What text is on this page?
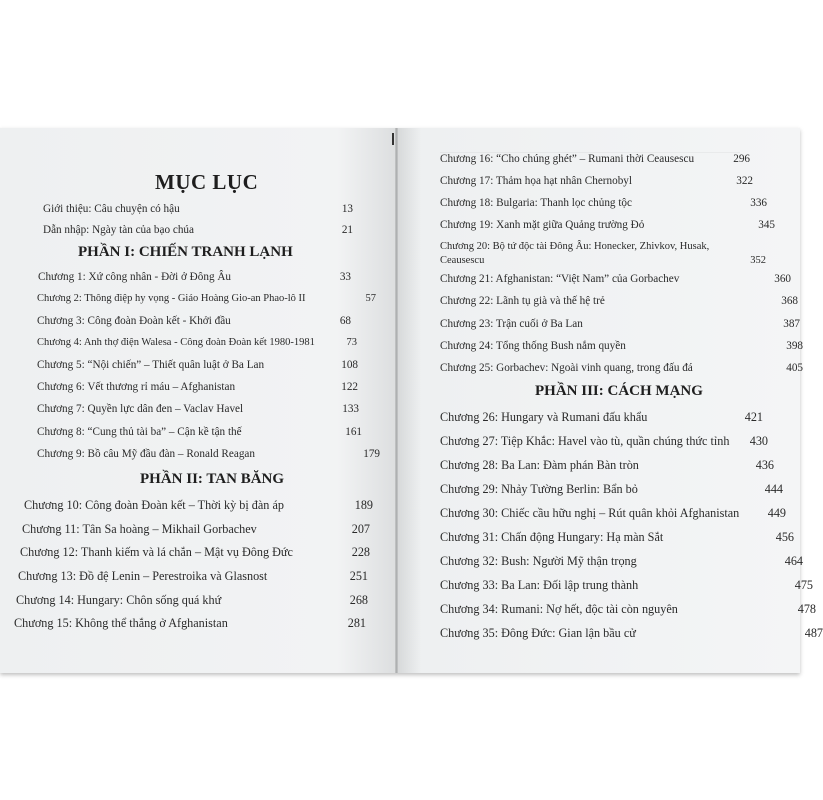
MỤC LỤC
Giới thiệu: Câu chuyện có hậu	13
Dẫn nhập: Ngày tàn của bạo chúa	21
PHẦN I: CHIẾN TRANH LẠNH
Chương 1: Xứ công nhân - Đời ở Đông Âu	33
Chương 2: Thông điệp hy vọng - Giáo Hoàng Gio-an Phao-lô II	57
Chương 3: Công đoàn Đoàn kết - Khởi đầu	68
Chương 4: Anh thợ điện Walesa - Công đoàn Đoàn kết 1980-1981	73
Chương 5: “Nội chiến” – Thiết quân luật ở Ba Lan	108
Chương 6: Vết thương rỉ máu – Afghanistan	122
Chương 7: Quyền lực dân đen – Vaclav Havel	133
Chương 8: “Cung thủ tài ba” – Cận kề tận thế	161
Chương 9: Bồ câu Mỹ đầu đàn – Ronald Reagan	179
PHẦN II: TAN BĂNG
Chương 10: Công đoàn Đoàn kết – Thời kỳ bị đàn áp	189
Chương 11: Tân Sa hoàng – Mikhail Gorbachev	207
Chương 12: Thanh kiếm và lá chắn – Mật vụ Đông Đức	228
Chương 13: Đồ đệ Lenin – Perestroika và Glasnost	251
Chương 14: Hungary: Chôn sống quá khứ	268
Chương 15: Không thể thắng ở Afghanistan	281
Chương 16: “Cho chúng ghét” – Rumani thời Ceausescu	296
Chương 17: Thảm họa hạt nhân Chernobyl	322
Chương 18: Bulgaria: Thanh lọc chủng tộc	336
Chương 19: Xanh mặt giữa Quảng trường Đỏ	345
Chương 20: Bộ tứ độc tài Đông Âu: Honecker, Zhivkov, Husak,
Ceausescu	352
Chương 21: Afghanistan: “Việt Nam” của Gorbachev	360
Chương 22: Lãnh tụ già và thế hệ trẻ	368
Chương 23: Trận cuối ở Ba Lan	387
Chương 24: Tổng thống Bush nắm quyền	398
Chương 25: Gorbachev: Ngoài vinh quang, trong đấu đá	405
PHẦN III: CÁCH MẠNG
Chương 26: Hungary và Rumani đấu khẩu	421
Chương 27: Tiệp Khắc: Havel vào tù, quần chúng thức tỉnh	430
Chương 28: Ba Lan: Đàm phán Bàn tròn	436
Chương 29: Nhảy Tường Berlin: Bẩn bỏ	444
Chương 30: Chiếc cầu hữu nghị – Rút quân khỏi Afghanistan	449
Chương 31: Chấn động Hungary: Hạ màn Sắt	456
Chương 32: Bush: Người Mỹ thận trọng	464
Chương 33: Ba Lan: Đối lập trung thành	475
Chương 34: Rumani: Nợ hết, độc tài còn nguyên	478
Chương 35: Đông Đức: Gian lận bầu cử	487
